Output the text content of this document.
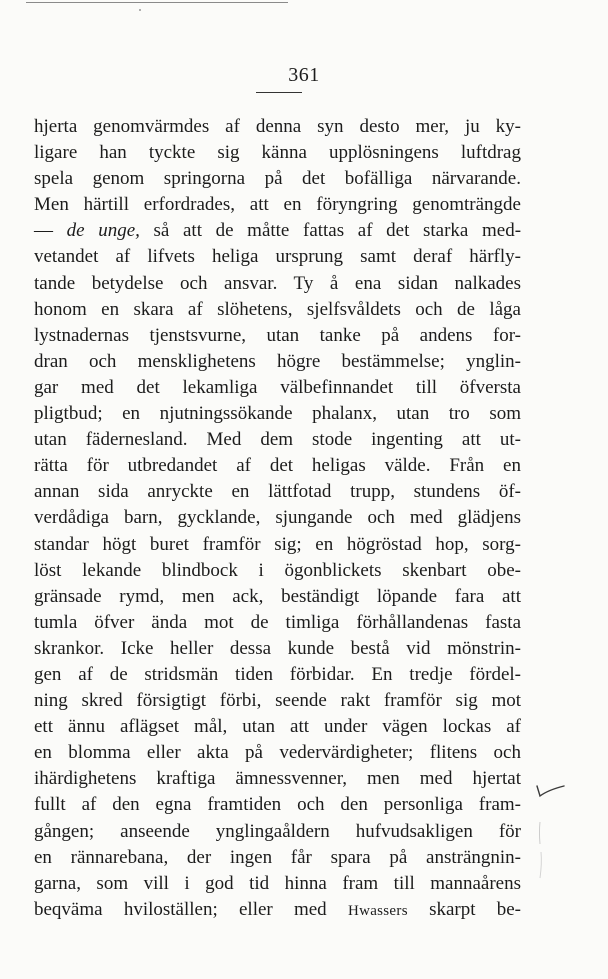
361
hjerta genomvärmdes af denna syn desto mer, ju ky-
ligare han tyckte sig känna upplösningens luftdrag
spela genom springorna på det bofälliga närvarande.
Men härtill erfordrades, att en föryngring genomträngde
— de unge, så att de måtte fattas af det starka med-
vetandet af lifvets heliga ursprung samt deraf härfly-
tande betydelse och ansvar. Ty å ena sidan nalkades
honom en skara af slöhetens, sjelfsvåldets och de låga
lystnadernas tjenstsvurne, utan tanke på andens for-
dran och mensklighetens högre bestämmelse; ynglin-
gar med det lekamliga välbefinnandet till öfversta
pligtbud; en njutningssökande phalanx, utan tro som
utan fädernesland. Med dem stode ingenting att ut-
rätta för utbredandet af det heligas välde. Från en
annan sida anryckte en lättfotad trupp, stundens öf-
verdådiga barn, gycklande, sjungande och med glädjens
standar högt buret framför sig; en högröstad hop, sorg-
löst lekande blindbock i ögonblickets skenbart obe-
gränsade rymd, men ack, beständigt löpande fara att
tumla öfver ända mot de timliga förhållandenas fasta
skrankor. Icke heller dessa kunde bestå vid mönstrin-
gen af de stridsmän tiden förbidar. En tredje fördel-
ning skred försigtigt förbi, seende rakt framför sig mot
ett ännu aflägset mål, utan att under vägen lockas af
en blomma eller akta på vedervärdigheter; flitens och
ihärdighetens kraftiga ämnessvenner, men med hjertat
fullt af den egna framtiden och den personliga fram-
gången; anseende ynglingaåldern hufvudsakligen för
en rännarebana, der ingen får spara på ansträngnin-
garna, som vill i god tid hinna fram till mannaårens
beqväma hviloställen; eller med Hwassers skarpt be-
